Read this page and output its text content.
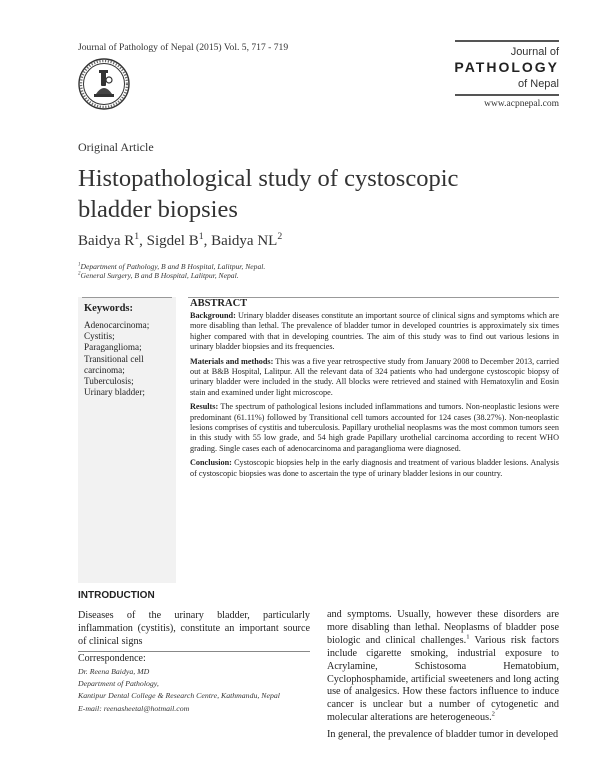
Journal of Pathology of Nepal (2015) Vol. 5, 717 - 719	Journal of
PATHOLOGY
of Nepal
www.acpnepal.com
Original Article
Histopathological study of cystoscopic bladder biopsies
Baidya $R^1$, Sigdel $B^1$, Baidya $NL^2$
$^1$Department of Pathology, B and B Hospital, Lalitpur, Nepal.
$^2$General Surgery, B and B Hospital, Lalitpur, Nepal.
Keywords:
Adenocarcinoma;
Cystitis;
Paraganglioma;
Transitional cell
carcinoma;
Tuberculosis;
Urinary bladder;
ABSTRACT

Background: Urinary bladder diseases constitute an important source of clinical signs and symptoms which are more disabling than lethal. The prevalence of bladder tumor in developed countries is approximately six times higher compared with that in developing countries. The aim of this study was to find out various lesions in urinary bladder biopsies and its frequencies.

Materials and methods: This was a five year retrospective study from January 2008 to December 2013, carried out at B&B Hospital, Lalitpur. All the relevant data of 324 patients who had undergone cystoscopic biopsy of urinary bladder were included in the study. All blocks were retrieved and stained with Hematoxylin and Eosin stain and examined under light microscope.

Results: The spectrum of pathological lesions included inflammations and tumors. Non-neoplastic lesions were predominant (61.11%) followed by Transitional cell tumors accounted for 124 cases (38.27%). Non-neoplastic lesions comprises of cystitis and tuberculosis. Papillary urothelial neoplasms was the most common tumors seen in this study with 55 low grade, and 54 high grade Papillary urothelial carcinoma according to recent WHO grading. Single cases each of adenocarcinoma and paraganglioma were diagnosed.

Conclusion: Cystoscopic biopsies help in the early diagnosis and treatment of various bladder lesions. Analysis of cystoscopic biopsies was done to ascertain the type of urinary bladder lesions in our country.

INTRODUCTION
Diseases of the urinary bladder, particularly inflammation (cystitis), constitute an important source of clinical signs
Correspondence:
Dr. Reena Baidya, MD
Department of Pathology,
Kantipur Dental College & Research Centre, Kathmandu, Nepal
E-mail: reenasheetal@hotmail.com

and symptoms. Usually, however these disorders are more disabling than lethal. Neoplasms of bladder pose biologic and clinical challenges.$^1$ Various risk factors include cigarette smoking, industrial exposure to Acrylamine, Schistosoma Hematobium, Cyclophosphamide, artificial sweeteners and long acting use of analgesics. How these factors influence to induce cancer is unclear but a number of cytogenetic and molecular alterations are heterogeneous.$^2$

In general, the prevalence of bladder tumor in developed
